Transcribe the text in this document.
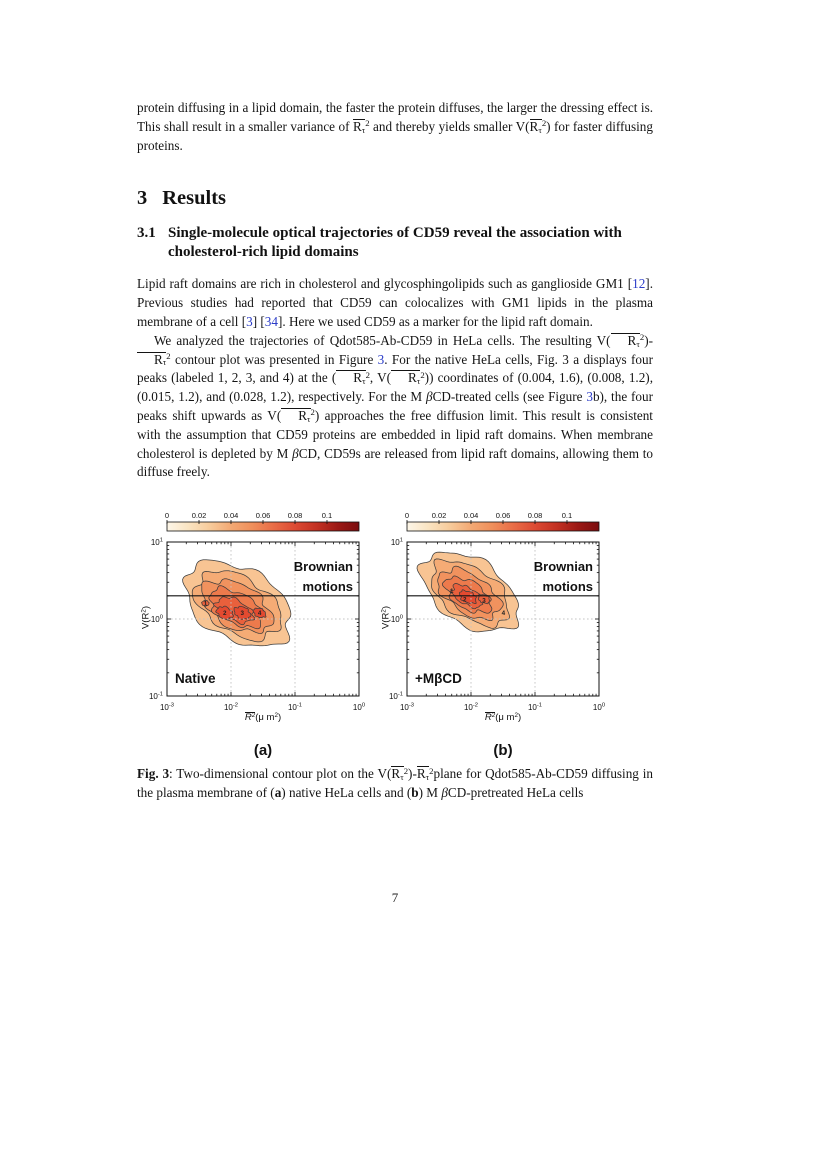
protein diffusing in a lipid domain, the faster the protein diffuses, the larger the dressing effect is. This shall result in a smaller variance of $R_\tau^2$ and thereby yields smaller $V(R_\tau^2)$ for faster diffusing proteins.

3 Results
3.1 Single-molecule optical trajectories of CD59 reveal the association with cholesterol-rich lipid domains

Lipid raft domains are rich in cholesterol and glycosphingolipids such as ganglioside GM1 [12]. Previous studies had reported that CD59 can colocalizes with GM1 lipids in the plasma membrane of a cell [3] [34]. Here we used CD59 as a marker for the lipid raft domain.

We analyzed the trajectories of Qdot585-Ab-CD59 in HeLa cells. The resulting V( $R_\tau^2)-R_\tau^2$ contour plot was presented in Figure 3. For the native HeLa cells, Fig. 3 a displays four peaks (labeled 1, 2, 3, and 4) at the ( $R_\tau^2$, V( $R_\tau^2$)) coordinates of (0.004, 1.6), (0.008, 1.2), (0.015, 1.2), and (0.028, 1.2), respectively. For the M βCD-treated cells (see Figure 3b), the four peaks shift upwards as V( $R_\tau^2$) approaches the free diffusion limit. This result is consistent with the assumption that CD59 proteins are embedded in lipid raft domains. When membrane cholesterol is depleted by M βCD, CD59s are released from lipid raft domains, allowing them to diffuse freely.

0	0.02 0.04 0.06 0.08	0.1
$10^1$
$10^0$
$10^{-1}$
$10^{-3}$	$10^{-2}$	$10^{-1}$	$10^0$
1
2 3 4
$V(R^2)$
$R^2(\mu$ $m^2$)
Native
Brownian
motions
0	0.02 0.04 0.06 0.08	0.1
$10^1$
$10^0$
$10^{-1}$
$10^{-3}$	$10^{-2}$	$10^{-1}$	$10^0$
1
2	3
4
$V(R^2)$
$R^2(\mu$ $m^2$)
+MβCD
Brownian
motions
(a)	(b)

Fig. 3: Two-dimensional contour plot on the $V(R_\tau^2)-R_\tau^2plane$ for Qdot585-Ab-CD59 diffusing in the plasma membrane of (a) native HeLa cells and (b) M βCD-pretreated HeLa cells

7
